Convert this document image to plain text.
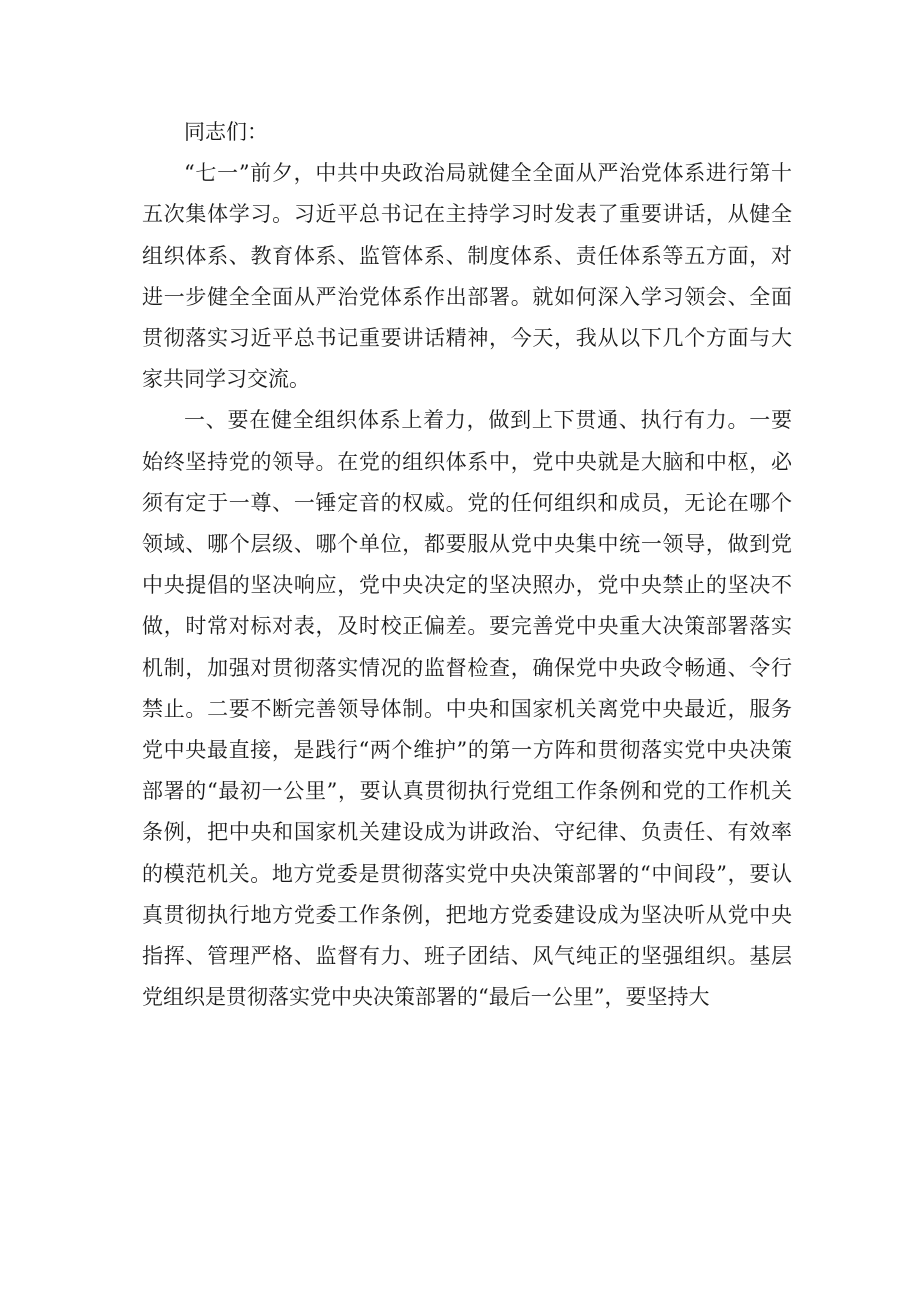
同志们：

“七一”前夕，中共中央政治局就健全全面从严治党体系进行第十五次集体学习。习近平总书记在主持学习时发表了重要讲话，从健全组织体系、教育体系、监管体系、制度体系、责任体系等五方面，对进一步健全全面从严治党体系作出部署。就如何深入学习领会、全面贯彻落实习近平总书记重要讲话精神，今天，我从以下几个方面与大家共同学习交流。

一、要在健全组织体系上着力，做到上下贯通、执行有力。一要始终坚持党的领导。在党的组织体系中，党中央就是大脑和中枢，必须有定于一尊、一锤定音的权威。党的任何组织和成员，无论在哪个领域、哪个层级、哪个单位，都要服从党中央集中统一领导，做到党中央提倡的坚决响应，党中央决定的坚决照办，党中央禁止的坚决不做，时常对标对表，及时校正偏差。要完善党中央重大决策部署落实机制，加强对贯彻落实情况的监督检查，确保党中央政令畅通、令行禁止。二要不断完善领导体制。中央和国家机关离党中央最近，服务党中央最直接，是践行“两个维护”的第一方阵和贯彻落实党中央决策部署的“最初一公里”，要认真贯彻执行党组工作条例和党的工作机关条例，把中央和国家机关建设成为讲政治、守纪律、负责任、有效率的模范机关。地方党委是贯彻落实党中央决策部署的“中间段”，要认真贯彻执行地方党委工作条例，把地方党委建设成为坚决听从党中央指挥、管理严格、监督有力、班子团结、风气纯正的坚强组织。基层党组织是贯彻落实党中央决策部署的“最后一公里”，要坚持大
